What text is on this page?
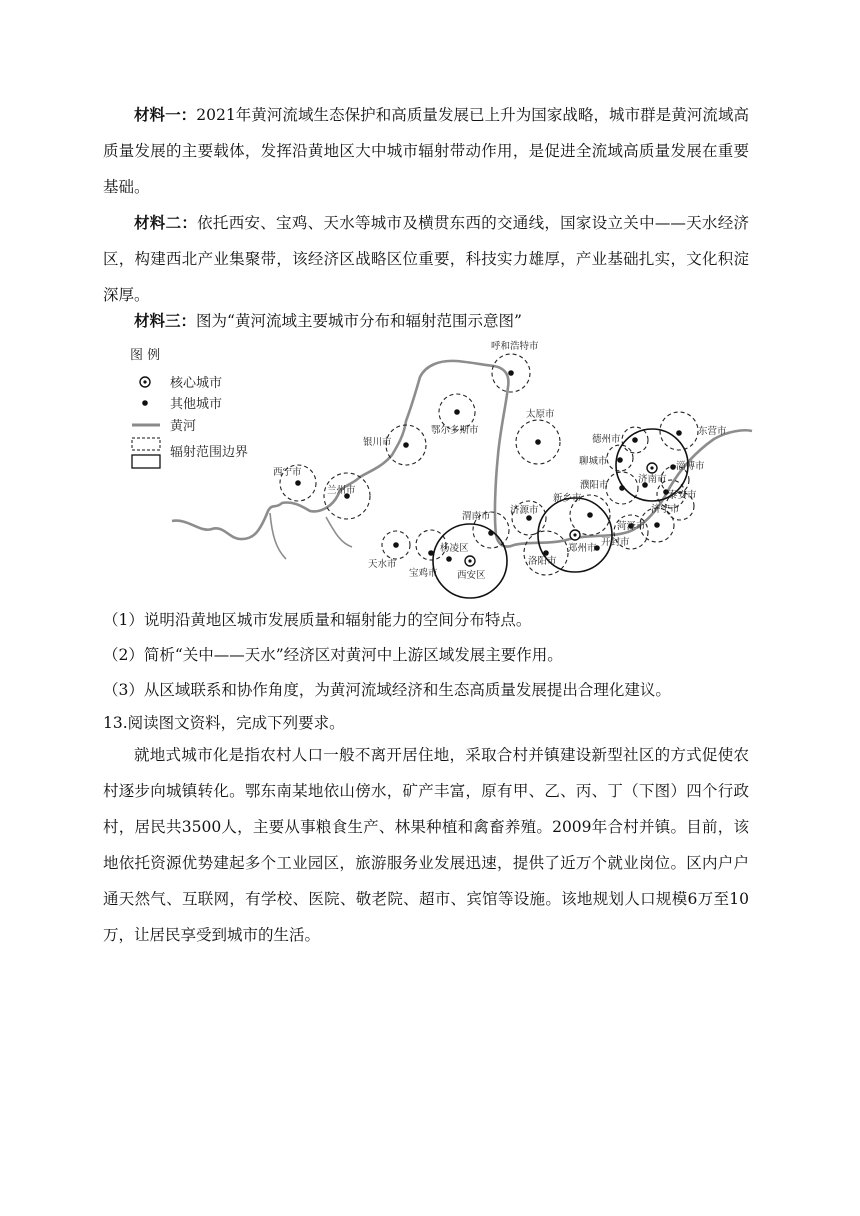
材料一：2021年黄河流域生态保护和高质量发展已上升为国家战略，城市群是黄河流域高质量发展的主要载体，发挥沿黄地区大中城市辐射带动作用，是促进全流域高质量发展在重要基础。

材料二：依托西安、宝鸡、天水等城市及横贯东西的交通线，国家设立关中——天水经济区，构建西北产业集聚带，该经济区战略区位重要，科技实力雄厚，产业基础扎实，文化积淀深厚。

材料三：图为“黄河流域主要城市分布和辐射范围示意图”

图 例
核心城市
其他城市
黄河
辐射范围边界
呼和浩特市
鄂尔多斯市
太原市
银川市
西宁市
兰州市
天水市
宝鸡市
杨凌区
西安区
渭南市
济源市
洛阳市
新乡市
郑州市
开封市
濮阳市
菏泽市
济宁市
聊城市
德州市
济南市
淄博市
泰安市
东营市
（1）说明沿黄地区城市发展质量和辐射能力的空间分布特点。
（2）简析“关中——天水”经济区对黄河中上游区域发展主要作用。
（3）从区域联系和协作角度，为黄河流域经济和生态高质量发展提出合理化建议。
13.阅读图文资料，完成下列要求。

就地式城市化是指农村人口一般不离开居住地，采取合村并镇建设新型社区的方式促使农村逐步向城镇转化。鄂东南某地依山傍水，矿产丰富，原有甲、乙、丙、丁（下图）四个行政村，居民共3500人，主要从事粮食生产、林果种植和禽畜养殖。2009年合村并镇。目前，该地依托资源优势建起多个工业园区，旅游服务业发展迅速，提供了近万个就业岗位。区内户户通天然气、互联网，有学校、医院、敬老院、超市、宾馆等设施。该地规划人口规模6万至10万，让居民享受到城市的生活。
